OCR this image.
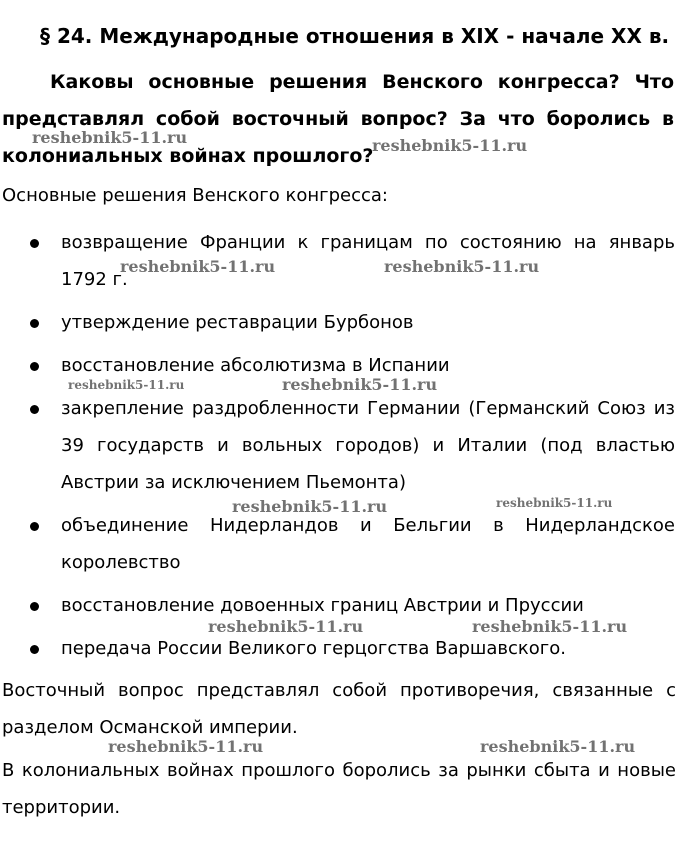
§ 24. Международные отношения в XIX - начале XX в.
Каковы основные решения Венского конгресса? Что представлял собой восточный вопрос? За что боролись в колониальных войнах прошлого?
Основные решения Венского конгресса:
возвращение Франции к границам по состоянию на январь 1792 г.
утверждение реставрации Бурбонов
восстановление абсолютизма в Испании
закрепление раздробленности Германии (Германский Союз из 39 государств и вольных городов) и Италии (под властью Австрии за исключением Пьемонта)
объединение Нидерландов и Бельгии в Нидерландское королевство
восстановление довоенных границ Австрии и Пруссии
передача России Великого герцогства Варшавского.
Восточный вопрос представлял собой противоречия, связанные с разделом Османской империи.
В колониальных войнах прошлого боролись за рынки сбыта и новые территории.
reshebnik5-11.ru	reshebnik5-11.ru
reshebnik5-11.ru	reshebnik5-11.ru
reshebnik5-11.ru	reshebnik5-11.ru
reshebnik5-11.ru	reshebnik5-11.ru
reshebnik5-11.ru	reshebnik5-11.ru
reshebnik5-11.ru	reshebnik5-11.ru
